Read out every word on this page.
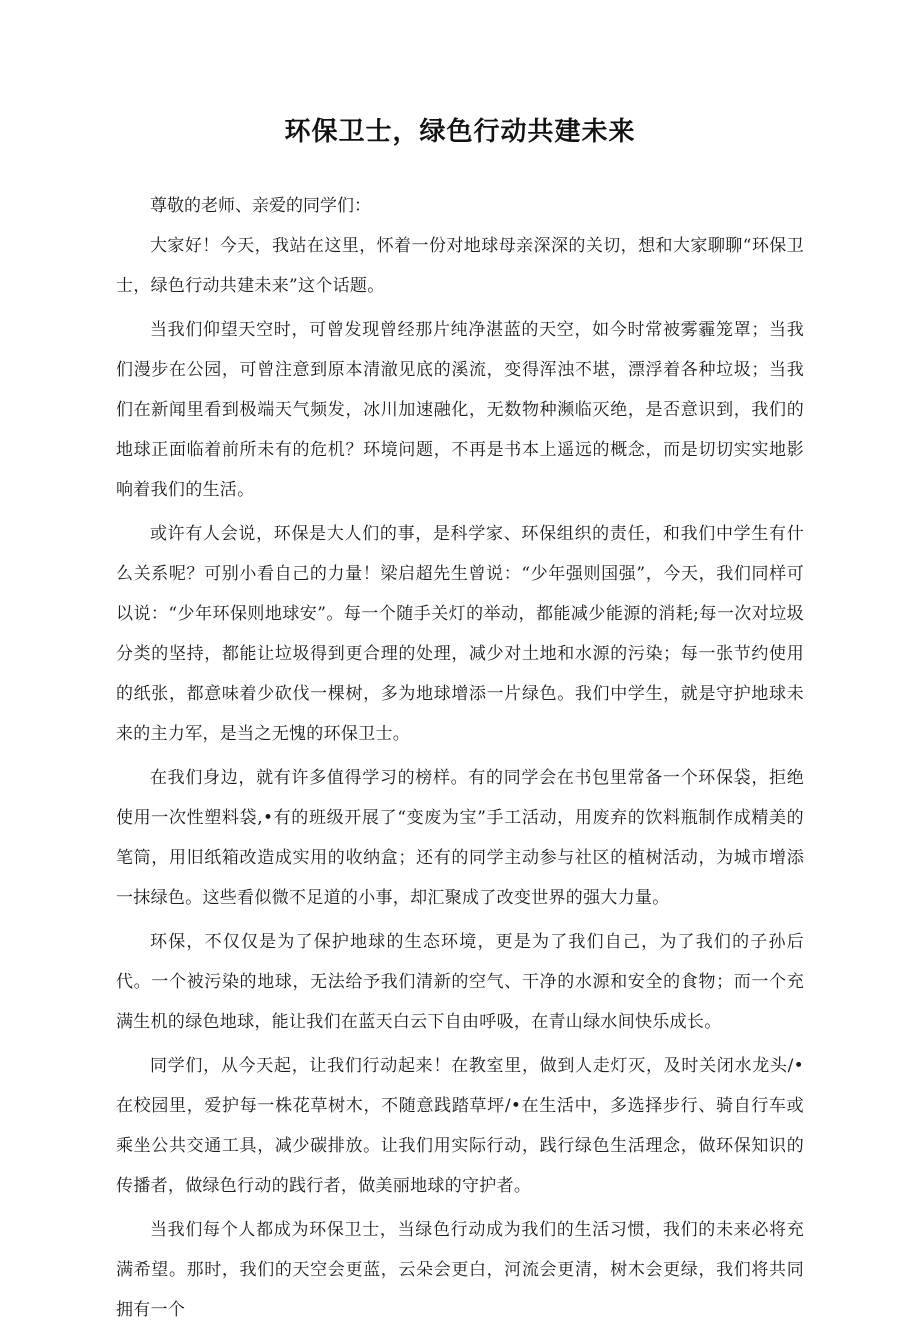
环保卫士，绿色行动共建未来

尊敬的老师、亲爱的同学们：

大家好！今天，我站在这里，怀着一份对地球母亲深深的关切，想和大家聊聊“环保卫士，绿色行动共建未来”这个话题。

当我们仰望天空时，可曾发现曾经那片纯净湛蓝的天空，如今时常被雾霾笼罩；当我们漫步在公园，可曾注意到原本清澈见底的溪流，变得浑浊不堪，漂浮着各种垃圾；当我们在新闻里看到极端天气频发，冰川加速融化，无数物种濒临灭绝，是否意识到，我们的地球正面临着前所未有的危机？环境问题，不再是书本上遥远的概念，而是切切实实地影响着我们的生活。

或许有人会说，环保是大人们的事，是科学家、环保组织的责任，和我们中学生有什么关系呢？可别小看自己的力量！梁启超先生曾说：“少年强则国强”，今天，我们同样可以说：“少年环保则地球安”。每一个随手关灯的举动，都能减少能源的消耗;每一次对垃圾分类的坚持，都能让垃圾得到更合理的处理，减少对土地和水源的污染；每一张节约使用的纸张，都意味着少砍伐一棵树，多为地球增添一片绿色。我们中学生，就是守护地球未来的主力军，是当之无愧的环保卫士。

在我们身边，就有许多值得学习的榜样。有的同学会在书包里常备一个环保袋，拒绝使用一次性塑料袋,•有的班级开展了“变废为宝”手工活动，用废弃的饮料瓶制作成精美的笔筒，用旧纸箱改造成实用的收纳盒；还有的同学主动参与社区的植树活动，为城市增添一抹绿色。这些看似微不足道的小事，却汇聚成了改变世界的强大力量。

环保，不仅仅是为了保护地球的生态环境，更是为了我们自己，为了我们的子孙后代。一个被污染的地球，无法给予我们清新的空气、干净的水源和安全的食物；而一个充满生机的绿色地球，能让我们在蓝天白云下自由呼吸，在青山绿水间快乐成长。

同学们，从今天起，让我们行动起来！在教室里，做到人走灯灭，及时关闭水龙头/•在校园里，爱护每一株花草树木，不随意践踏草坪/•在生活中，多选择步行、骑自行车或乘坐公共交通工具，减少碳排放。让我们用实际行动，践行绿色生活理念，做环保知识的传播者，做绿色行动的践行者，做美丽地球的守护者。

当我们每个人都成为环保卫士，当绿色行动成为我们的生活习惯，我们的未来必将充满希望。那时，我们的天空会更蓝，云朵会更白，河流会更清，树木会更绿，我们将共同拥有一个
